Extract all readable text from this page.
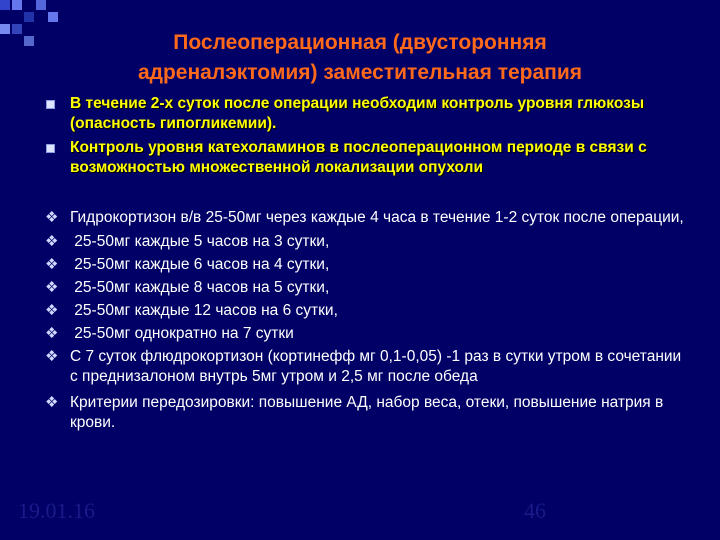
Послеоперационная (двусторонняя
адреналэктомия) заместительная терапия
В течение 2-х суток после операции необходим контроль уровня глюкозы (опасность гипогликемии).
Контроль уровня катехоламинов в послеоперационном периоде в связи с возможностью множественной локализации опухоли
❖ Гидрокортизон в/в 25-50мг через каждые 4 часа в течение 1-2 суток после операции,
❖ 25-50мг каждые 5 часов на 3 сутки,
❖ 25-50мг каждые 6 часов на 4 сутки,
❖ 25-50мг каждые 8 часов на 5 сутки,
❖ 25-50мг каждые 12 часов на 6 сутки,
❖ 25-50мг однократно на 7 сутки
❖ С 7 суток флюдрокортизон (кортинефф мг 0,1-0,05) -1 раз в сутки утром в сочетании с преднизалоном внутрь 5мг утром и 2,5 мг после обеда
❖ Критерии передозировки: повышение АД, набор веса, отеки, повышение натрия в крови.
19.01.16	46
